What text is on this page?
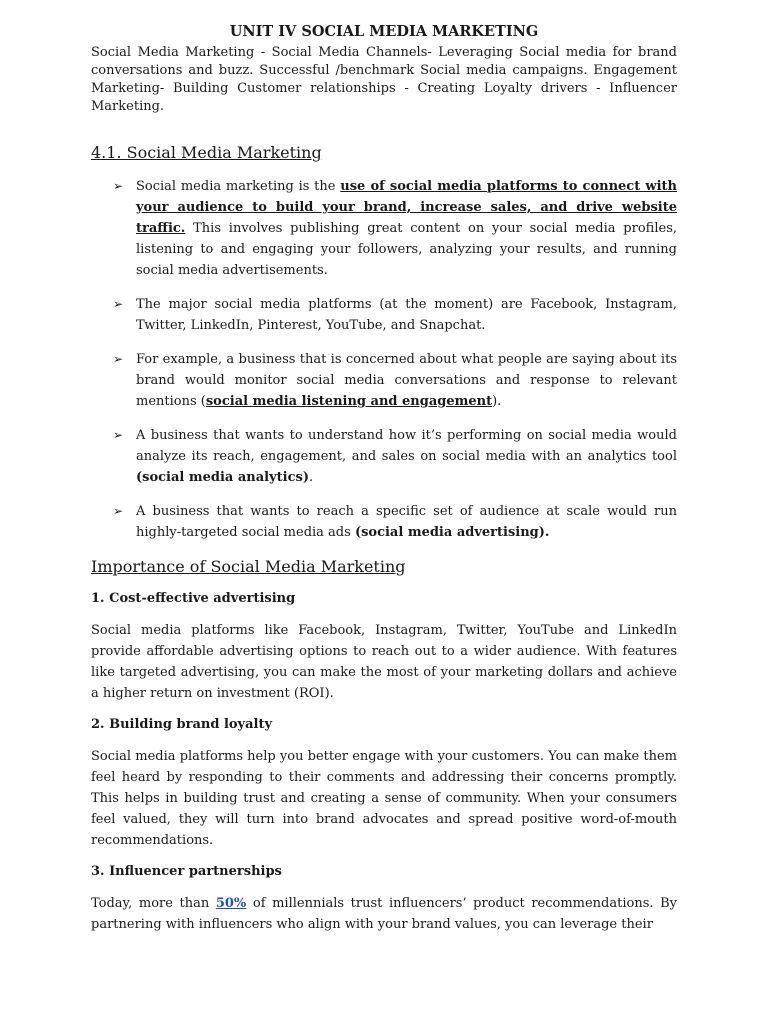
UNIT IV SOCIAL MEDIA MARKETING

Social Media Marketing - Social Media Channels- Leveraging Social media for brand conversations and buzz. Successful /benchmark Social media campaigns. Engagement Marketing- Building Customer relationships - Creating Loyalty drivers - Influencer Marketing.

4.1. Social Media Marketing
➢ Social media marketing is the use of social media platforms to connect with your audience to build your brand, increase sales, and drive website traffic. This involves publishing great content on your social media profiles, listening to and engaging your followers, analyzing your results, and running social media advertisements.
➢ The major social media platforms (at the moment) are Facebook, Instagram, Twitter, LinkedIn, Pinterest, YouTube, and Snapchat.
➢ For example, a business that is concerned about what people are saying about its brand would monitor social media conversations and response to relevant mentions (social media listening and engagement).
➢ A business that wants to understand how it’s performing on social media would analyze its reach, engagement, and sales on social media with an analytics tool (social media analytics).
➢ A business that wants to reach a specific set of audience at scale would run highly-targeted social media ads (social media advertising).
Importance of Social Media Marketing
1. Cost-effective advertising

Social media platforms like Facebook, Instagram, Twitter, YouTube and LinkedIn provide affordable advertising options to reach out to a wider audience. With features like targeted advertising, you can make the most of your marketing dollars and achieve a higher return on investment (ROI).

2. Building brand loyalty

Social media platforms help you better engage with your customers. You can make them feel heard by responding to their comments and addressing their concerns promptly. This helps in building trust and creating a sense of community. When your consumers feel valued, they will turn into brand advocates and spread positive word-of-mouth recommendations.

3. Influencer partnerships

Today, more than 50% of millennials trust influencers’ product recommendations. By partnering with influencers who align with your brand values, you can leverage their
